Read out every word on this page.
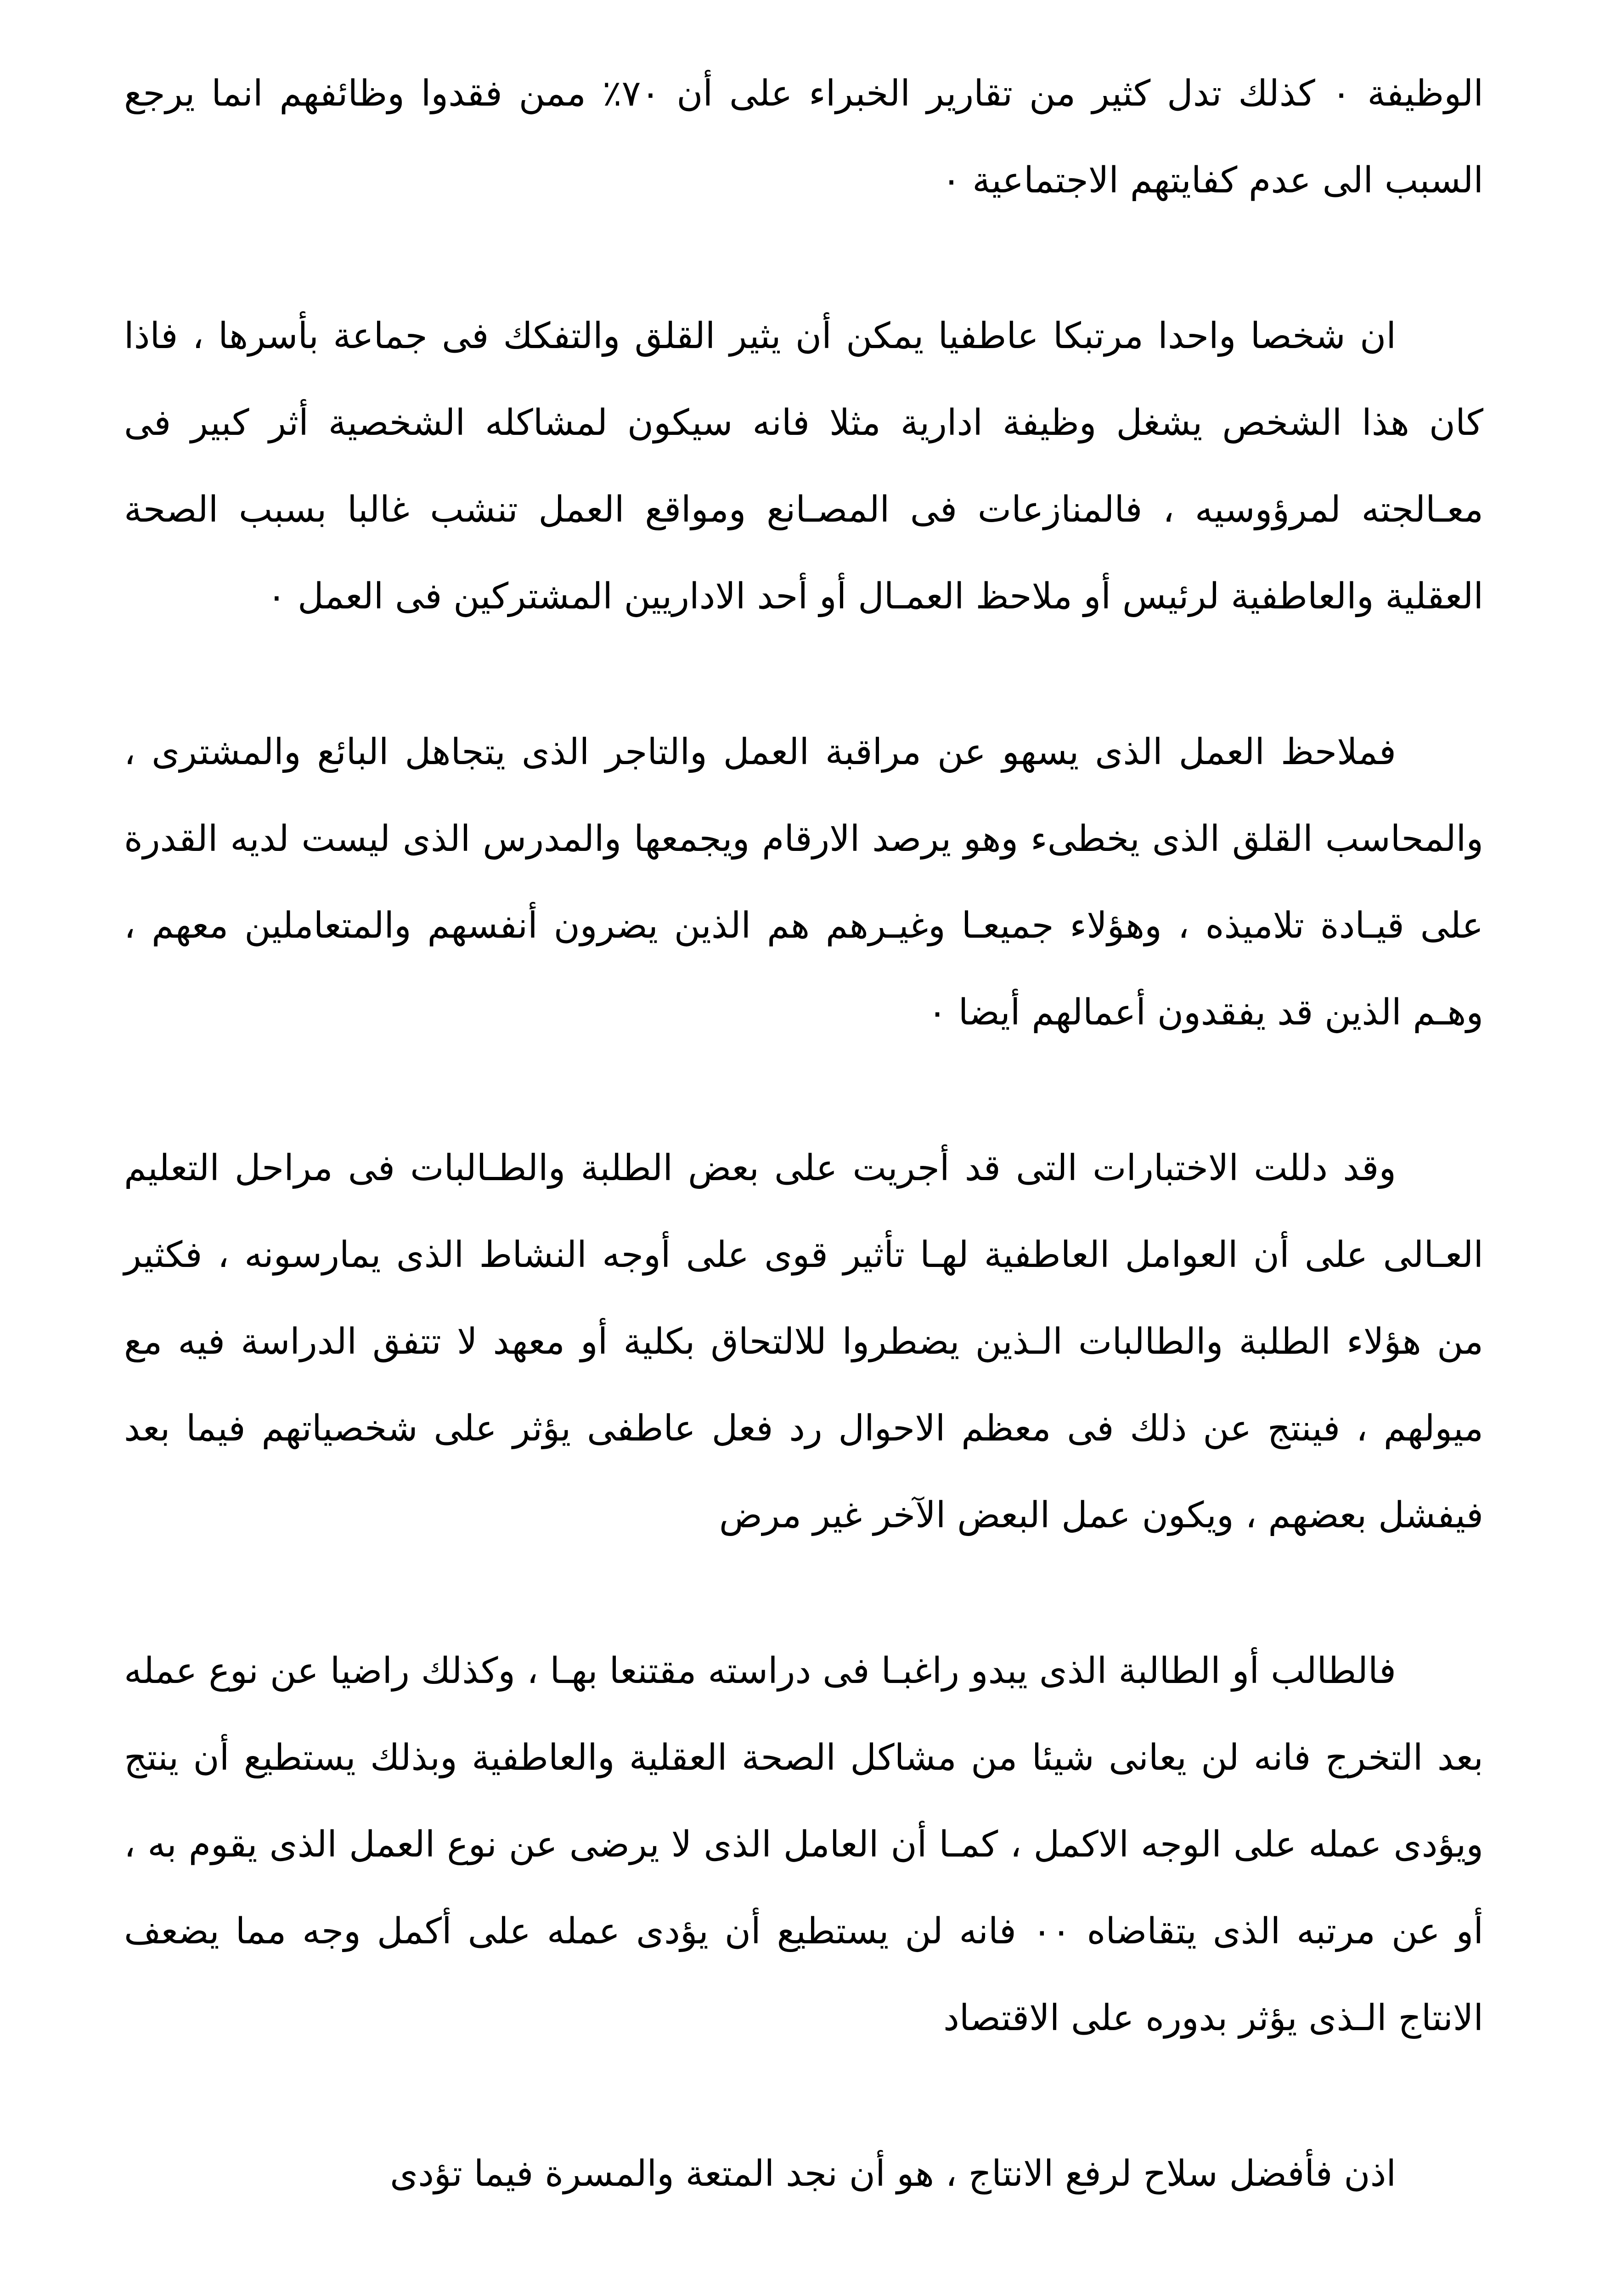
الوظيفة ٠ كذلك تدل كثير من تقارير الخبراء على أن ٧٠٪ ممن فقدوا وظائفهم انما يرجع السبب الى عدم كفايتهم الاجتماعية ٠

ان شخصا واحدا مرتبكا عاطفيا يمكن أن يثير القلق والتفكك فى جماعة بأسرها ، فاذا كان هذا الشخص يشغل وظيفة ادارية مثلا فانه سيكون لمشاكله الشخصية أثر كبير فى معـالجته لمرؤوسيه ، فالمنازعات فى المصـانع ومواقع العمل تنشب غالبا بسبب الصحة العقلية والعاطفية لرئيس أو ملاحظ العمـال أو أحد الاداريين المشتركين فى العمل ٠

فملاحظ العمل الذى يسهو عن مراقبة العمل والتاجر الذى يتجاهل البائع والمشترى ، والمحاسب القلق الذى يخطىء وهو يرصد الارقام ويجمعها والمدرس الذى ليست لديه القدرة على قيـادة تلاميذه ، وهؤلاء جميعـا وغيـرهم هم الذين يضرون أنفسهم والمتعاملين معهم ، وهـم الذين قد يفقدون أعمالهم أيضا ٠

وقد دللت الاختبارات التى قد أجريت على بعض الطلبة والطـالبات فى مراحل التعليم العـالى على أن العوامل العاطفية لهـا تأثير قوى على أوجه النشاط الذى يمارسونه ، فكثير من هؤلاء الطلبة والطالبات الـذين يضطروا للالتحاق بكلية أو معهد لا تتفق الدراسة فيه مع ميولهم ، فينتج عن ذلك فى معظم الاحوال رد فعل عاطفى يؤثر على شخصياتهم فيما بعد فيفشل بعضهم ، ويكون عمل البعض الآخر غير مرض

فالطالب أو الطالبة الذى يبدو راغبـا فى دراسته مقتنعا بهـا ، وكذلك راضيا عن نوع عمله بعد التخرج فانه لن يعانى شيئا من مشاكل الصحة العقلية والعاطفية وبذلك يستطيع أن ينتج ويؤدى عمله على الوجه الاكمل ، كمـا أن العامل الذى لا يرضى عن نوع العمل الذى يقوم به ، أو عن مرتبه الذى يتقاضاه ٠٠ فانه لن يستطيع أن يؤدى عمله على أكمل وجه مما يضعف الانتاج الـذى يؤثر بدوره على الاقتصاد

اذن فأفضل سلاح لرفع الانتاج ، هو أن نجد المتعة والمسرة فيما تؤدى
